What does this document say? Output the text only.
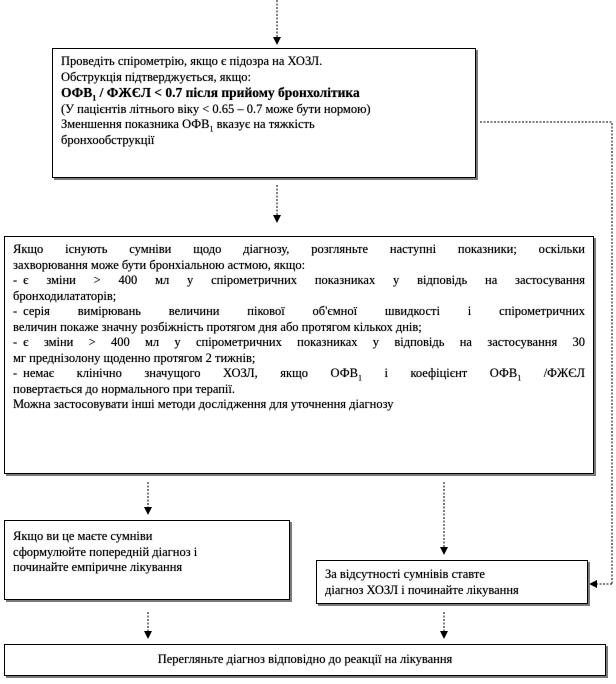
Проведіть спірометрію, якщо є підозра на ХОЗЛ.
Обструкція підтверджується, якщо:
$ОФВ_1$ / ФЖЄЛ < 0.7 після прийому бронхолітика
(У пацієнтів літнього віку < 0.65 – 0.7 може бути нормою)
Зменшення показника $ОФВ_1$ вказує на тяжкість
бронхообструкції
Якщо існують сумніви щодо діагнозу, розгляньте наступні показники; оскільки
захворювання може бути бронхіальною астмою, якщо:
- є зміни > 400 мл у спірометричних показниках у відповідь на застосування
бронходилататорів;
- серія вимірювань величини пікової об'ємної швидкості і спірометричних
величин покаже значну розбіжність протягом дня або протягом кількох днів;
- є зміни > 400 мл у спірометричних показниках у відповідь на застосування 30
мг преднізолону щоденно протягом 2 тижнів;
- немає клінічно значущого ХОЗЛ, якщо $ОФВ_1$ і коефіцієнт $ОФВ_1$ /ФЖЄЛ
повертається до нормального при терапії.
Можна застосовувати інші методи дослідження для уточнення діагнозу
Якщо ви це маєте сумніви
сформулюйте попередній діагноз і
починайте емпіричне лікування	За відсутності сумнівів ставте
діагноз ХОЗЛ і починайте лікування
Перегляньте діагноз відповідно до реакції на лікування
